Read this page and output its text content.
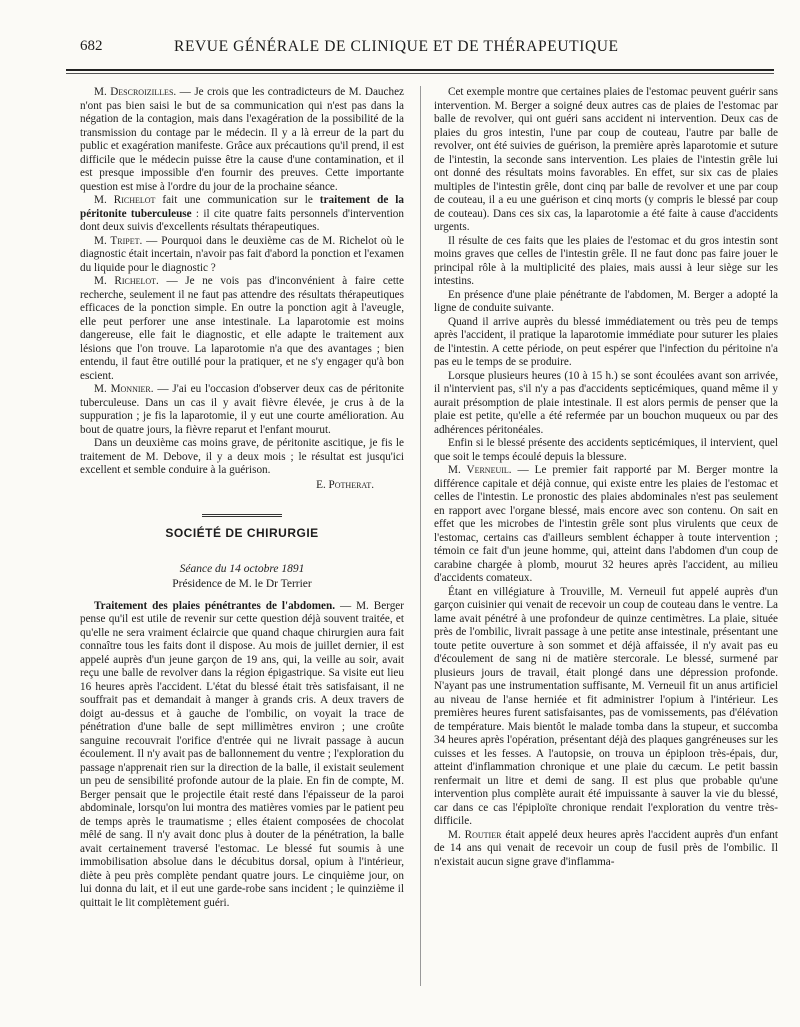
682	REVUE GÉNÉRALE DE CLINIQUE ET DE THÉRAPEUTIQUE

M. Descroizilles. — Je crois que les contradicteurs de M. Dauchez n'ont pas bien saisi le but de sa communication qui n'est pas dans la négation de la contagion, mais dans l'exagération de la possibilité de la transmission du contage par le médecin. Il y a là erreur de la part du public et exagération manifeste. Grâce aux précautions qu'il prend, il est difficile que le médecin puisse être la cause d'une contamination, et il est presque impossible d'en fournir des preuves. Cette importante question est mise à l'ordre du jour de la prochaine séance.

M. Richelot fait une communication sur le traitement de la péritonite tuberculeuse : il cite quatre faits personnels d'intervention dont deux suivis d'excellents résultats thérapeutiques.

M. Tripet. — Pourquoi dans le deuxième cas de M. Richelot où le diagnostic était incertain, n'avoir pas fait d'abord la ponction et l'examen du liquide pour le diagnostic ?

M. Richelot. — Je ne vois pas d'inconvénient à faire cette recherche, seulement il ne faut pas attendre des résultats thérapeutiques efficaces de la ponction simple. En outre la ponction agit à l'aveugle, elle peut perforer une anse intestinale. La laparotomie est moins dangereuse, elle fait le diagnostic, et elle adapte le traitement aux lésions que l'on trouve. La laparotomie n'a que des avantages ; bien entendu, il faut être outillé pour la pratiquer, et ne s'y engager qu'à bon escient.

M. Monnier. — J'ai eu l'occasion d'observer deux cas de péritonite tuberculeuse. Dans un cas il y avait fièvre élevée, je crus à de la suppuration ; je fis la laparotomie, il y eut une courte amélioration. Au bout de quatre jours, la fièvre reparut et l'enfant mourut.

Dans un deuxième cas moins grave, de péritonite ascitique, je fis le traitement de M. Debove, il y a deux mois ; le résultat est jusqu'ici excellent et semble conduire à la guérison.

E. Potherat.

SOCIÉTÉ DE CHIRURGIE

Séance du 14 octobre 1891

Présidence de M. le Dr Terrier

Traitement des plaies pénétrantes de l'abdomen. — M. Berger pense qu'il est utile de revenir sur cette question déjà souvent traitée, et qu'elle ne sera vraiment éclaircie que quand chaque chirurgien aura fait connaître tous les faits dont il dispose. Au mois de juillet dernier, il est appelé auprès d'un jeune garçon de 19 ans, qui, la veille au soir, avait reçu une balle de revolver dans la région épigastrique. Sa visite eut lieu 16 heures après l'accident. L'état du blessé était très satisfaisant, il ne souffrait pas et demandait à manger à grands cris. A deux travers de doigt au-dessus et à gauche de l'ombilic, on voyait la trace de pénétration d'une balle de sept millimètres environ ; une croûte sanguine recouvrait l'orifice d'entrée qui ne livrait passage à aucun écoulement. Il n'y avait pas de ballonnement du ventre ; l'exploration du passage n'apprenait rien sur la direction de la balle, il existait seulement un peu de sensibilité profonde autour de la plaie. En fin de compte, M. Berger pensait que le projectile était resté dans l'épaisseur de la paroi abdominale, lorsqu'on lui montra des matières vomies par le patient peu de temps après le traumatisme ; elles étaient composées de chocolat mêlé de sang. Il n'y avait donc plus à douter de la pénétration, la balle avait certainement traversé l'estomac. Le blessé fut soumis à une immobilisation absolue dans le décubitus dorsal, opium à l'intérieur, diète à peu près complète pendant quatre jours. Le cinquième jour, on lui donna du lait, et il eut une garde-robe sans incident ; le quinzième il quittait le lit complètement guéri.

Cet exemple montre que certaines plaies de l'estomac peuvent guérir sans intervention. M. Berger a soigné deux autres cas de plaies de l'estomac par balle de revolver, qui ont guéri sans accident ni intervention. Deux cas de plaies du gros intestin, l'une par coup de couteau, l'autre par balle de revolver, ont été suivies de guérison, la première après laparotomie et suture de l'intestin, la seconde sans intervention. Les plaies de l'intestin grêle lui ont donné des résultats moins favorables. En effet, sur six cas de plaies multiples de l'intestin grêle, dont cinq par balle de revolver et une par coup de couteau, il a eu une guérison et cinq morts (y compris le blessé par coup de couteau). Dans ces six cas, la laparotomie a été faite à cause d'accidents urgents.

Il résulte de ces faits que les plaies de l'estomac et du gros intestin sont moins graves que celles de l'intestin grêle. Il ne faut donc pas faire jouer le principal rôle à la multiplicité des plaies, mais aussi à leur siège sur les intestins.

En présence d'une plaie pénétrante de l'abdomen, M. Berger a adopté la ligne de conduite suivante.

Quand il arrive auprès du blessé immédiatement ou très peu de temps après l'accident, il pratique la laparotomie immédiate pour suturer les plaies de l'intestin. A cette période, on peut espérer que l'infection du péritoine n'a pas eu le temps de se produire.

Lorsque plusieurs heures (10 à 15 h.) se sont écoulées avant son arrivée, il n'intervient pas, s'il n'y a pas d'accidents septicémiques, quand même il y aurait présomption de plaie intestinale. Il est alors permis de penser que la plaie est petite, qu'elle a été refermée par un bouchon muqueux ou par des adhérences péritonéales.

Enfin si le blessé présente des accidents septicémiques, il intervient, quel que soit le temps écoulé depuis la blessure.

M. Verneuil. — Le premier fait rapporté par M. Berger montre la différence capitale et déjà connue, qui existe entre les plaies de l'estomac et celles de l'intestin. Le pronostic des plaies abdominales n'est pas seulement en rapport avec l'organe blessé, mais encore avec son contenu. On sait en effet que les microbes de l'intestin grêle sont plus virulents que ceux de l'estomac, certains cas d'ailleurs semblent échapper à toute intervention ; témoin ce fait d'un jeune homme, qui, atteint dans l'abdomen d'un coup de carabine chargée à plomb, mourut 32 heures après l'accident, au milieu d'accidents comateux.

Étant en villégiature à Trouville, M. Verneuil fut appelé auprès d'un garçon cuisinier qui venait de recevoir un coup de couteau dans le ventre. La lame avait pénétré à une profondeur de quinze centimètres. La plaie, située près de l'ombilic, livrait passage à une petite anse intestinale, présentant une toute petite ouverture à son sommet et déjà affaissée, il n'y avait pas eu d'écoulement de sang ni de matière stercorale. Le blessé, surmené par plusieurs jours de travail, était plongé dans une dépression profonde. N'ayant pas une instrumentation suffisante, M. Verneuil fit un anus artificiel au niveau de l'anse herniée et fit administrer l'opium à l'intérieur. Les premières heures furent satisfaisantes, pas de vomissements, pas d'élévation de température. Mais bientôt le malade tomba dans la stupeur, et succomba 34 heures après l'opération, présentant déjà des plaques gangréneuses sur les cuisses et les fesses. A l'autopsie, on trouva un épiploon très-épais, dur, atteint d'inflammation chronique et une plaie du cæcum. Le petit bassin renfermait un litre et demi de sang. Il est plus que probable qu'une intervention plus complète aurait été impuissante à sauver la vie du blessé, car dans ce cas l'épiploïte chronique rendait l'exploration du ventre très-difficile.

M. Routier était appelé deux heures après l'accident auprès d'un enfant de 14 ans qui venait de recevoir un coup de fusil près de l'ombilic. Il n'existait aucun signe grave d'inflamma-
